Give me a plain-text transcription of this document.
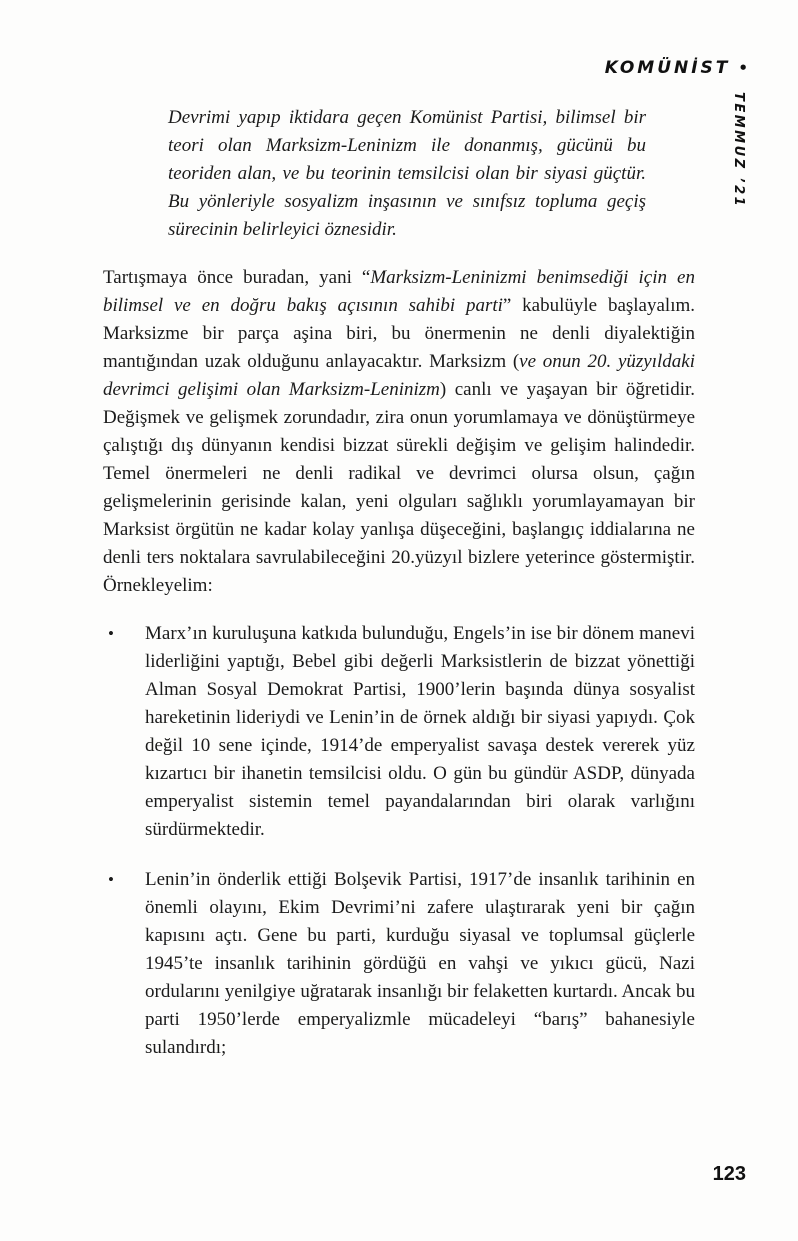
KOMÜNİST •
TEMMUZ ’21
Devrimi yapıp iktidara geçen Komünist Partisi, bilimsel bir teori olan Marksizm-Leninizm ile donanmış, gücünü bu teoriden alan, ve bu teorinin temsilcisi olan bir siyasi güçtür. Bu yönleriyle sosyalizm inşasının ve sınıfsız topluma geçiş sürecinin belirleyici öznesidir.

Tartışmaya önce buradan, yani “Marksizm-Leninizmi benimsediği için en bilimsel ve en doğru bakış açısının sahibi parti” kabulüyle başlayalım. Marksizme bir parça aşina biri, bu önermenin ne denli diyalektiğin mantığından uzak olduğunu anlayacaktır. Marksizm (ve onun 20. yüzyıldaki devrimci gelişimi olan Marksizm-Leninizm) canlı ve yaşayan bir öğretidir. Değişmek ve gelişmek zorundadır, zira onun yorumlamaya ve dönüştürmeye çalıştığı dış dünyanın kendisi bizzat sürekli değişim ve gelişim halindedir. Temel önermeleri ne denli radikal ve devrimci olursa olsun, çağın gelişmelerinin gerisinde kalan, yeni olguları sağlıklı yorumlayamayan bir Marksist örgütün ne kadar kolay yanlışa düşeceğini, başlangıç iddialarına ne denli ters noktalara savrulabileceğini 20.yüzyıl bizlere yeterince göstermiştir. Örnekleyelim:

• Marx’ın kuruluşuna katkıda bulunduğu, Engels’in ise bir dönem manevi liderliğini yaptığı, Bebel gibi değerli Marksistlerin de bizzat yönettiği Alman Sosyal Demokrat Partisi, 1900’lerin başında dünya sosyalist hareketinin lideriydi ve Lenin’in de örnek aldığı bir siyasi yapıydı. Çok değil 10 sene içinde, 1914’de emperyalist savaşa destek vererek yüz kızartıcı bir ihanetin temsilcisi oldu. O gün bu gündür ASDP, dünyada emperyalist sistemin temel payandalarından biri olarak varlığını sürdürmektedir.
• Lenin’in önderlik ettiği Bolşevik Partisi, 1917’de insanlık tarihinin en önemli olayını, Ekim Devrimi’ni zafere ulaştırarak yeni bir çağın kapısını açtı. Gene bu parti, kurduğu siyasal ve toplumsal güçlerle 1945’te insanlık tarihinin gördüğü en vahşi ve yıkıcı gücü, Nazi ordularını yenilgiye uğratarak insanlığı bir felaketten kurtardı. Ancak bu parti 1950’lerde emperyalizmle mücadeleyi “barış” bahanesiyle sulandırdı;
123
